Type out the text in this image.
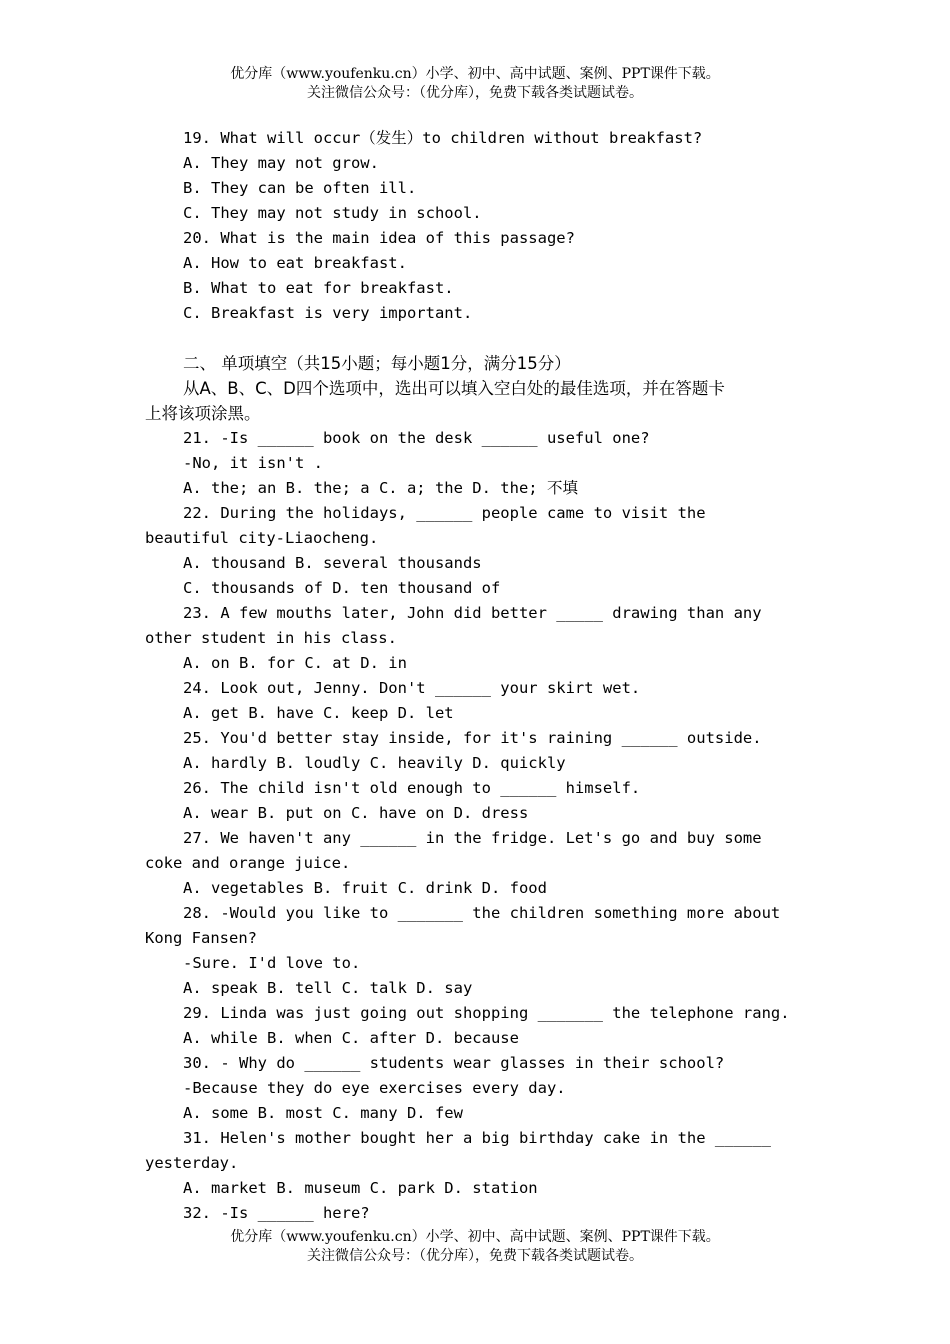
优分库（www.youfenku.cn）小学、初中、高中试题、案例、PPT课件下载。
关注微信公众号：（优分库），免费下载各类试题试卷。
19. What will occur（发生）to children without breakfast?
A. They may not grow.
B. They can be often ill.
C. They may not study in school.
20. What is the main idea of this passage?
A. How to eat breakfast.
B. What to eat for breakfast.
C. Breakfast is very important.
二、 单项填空（共15小题；每小题1分，满分15分）
从A、B、C、D四个选项中，选出可以填入空白处的最佳选项，并在答题卡
上将该项涂黑。
21. -Is ______ book on the desk ______ useful one?
-No, it isn't .
A. the; an B. the; a C. a; the D. the; 不填
22. During the holidays, ______ people came to visit the
beautiful city-Liaocheng.
A. thousand B. several thousands
C. thousands of D. ten thousand of
23. A few mouths later, John did better _____ drawing than any
other student in his class.
A. on B. for C. at D. in
24. Look out, Jenny. Don't ______ your skirt wet.
A. get B. have C. keep D. let
25. You'd better stay inside, for it's raining ______ outside.
A. hardly B. loudly C. heavily D. quickly
26. The child isn't old enough to ______ himself.
A. wear B. put on C. have on D. dress
27. We haven't any ______ in the fridge. Let's go and buy some
coke and orange juice.
A. vegetables B. fruit C. drink D. food
28. -Would you like to _______ the children something more about
Kong Fansen?
-Sure. I'd love to.
A. speak B. tell C. talk D. say
29. Linda was just going out shopping _______ the telephone rang.
A. while B. when C. after D. because
30. - Why do ______ students wear glasses in their school?
-Because they do eye exercises every day.
A. some B. most C. many D. few
31. Helen's mother bought her a big birthday cake in the ______
yesterday.
A. market B. museum C. park D. station
32. -Is ______ here?
优分库（www.youfenku.cn）小学、初中、高中试题、案例、PPT课件下载。
关注微信公众号：（优分库），免费下载各类试题试卷。
